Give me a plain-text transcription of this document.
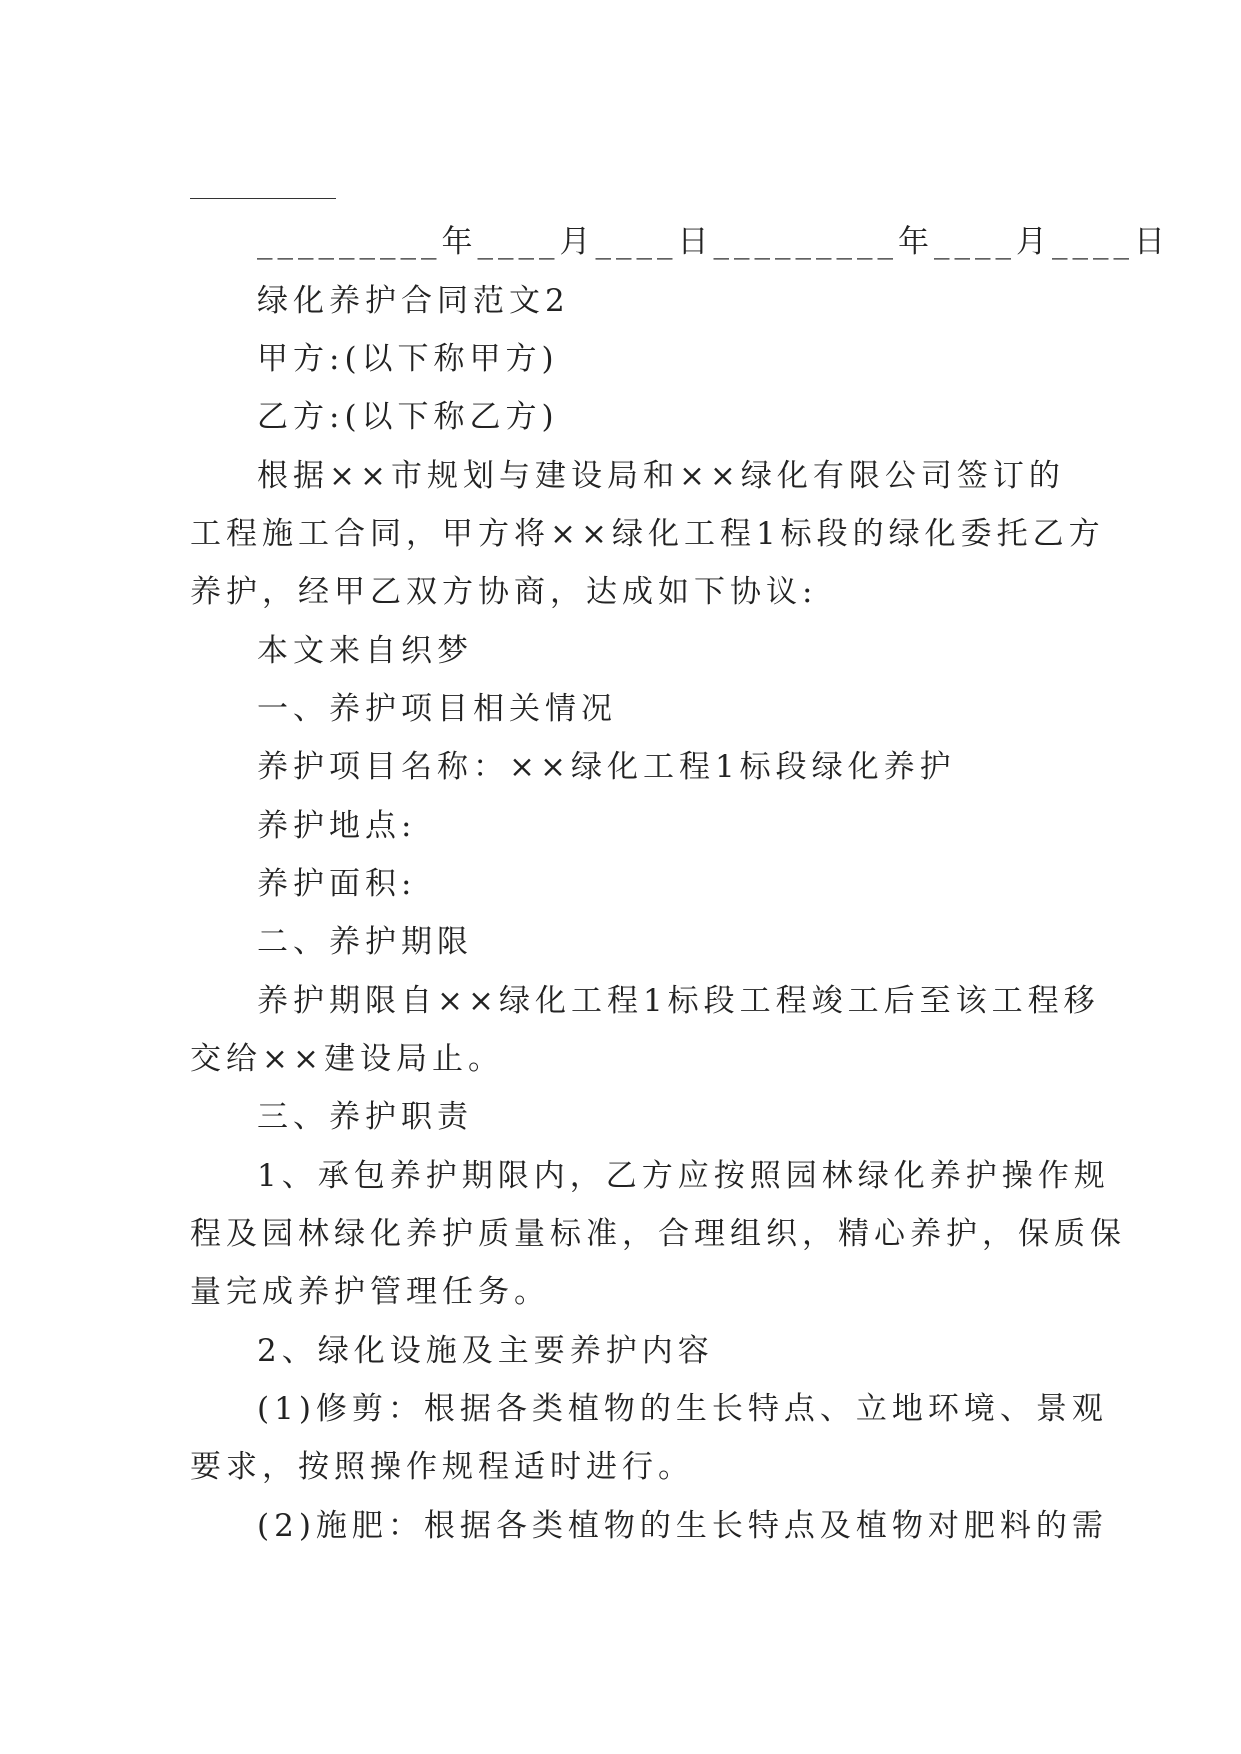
_________年____月____日_________年____月____日
绿化养护合同范文2
甲方:(以下称甲方)
乙方:(以下称乙方)
根据××市规划与建设局和××绿化有限公司签订的
工程施工合同，甲方将××绿化工程1标段的绿化委托乙方
养护，经甲乙双方协商，达成如下协议:
本文来自织梦
一、养护项目相关情况
养护项目名称：××绿化工程1标段绿化养护
养护地点:
养护面积:
二、养护期限
养护期限自××绿化工程1标段工程竣工后至该工程移
交给××建设局止。
三、养护职责
1、承包养护期限内，乙方应按照园林绿化养护操作规
程及园林绿化养护质量标准，合理组织，精心养护，保质保
量完成养护管理任务。
2、绿化设施及主要养护内容
(1)修剪：根据各类植物的生长特点、立地环境、景观
要求，按照操作规程适时进行。
(2)施肥：根据各类植物的生长特点及植物对肥料的需
